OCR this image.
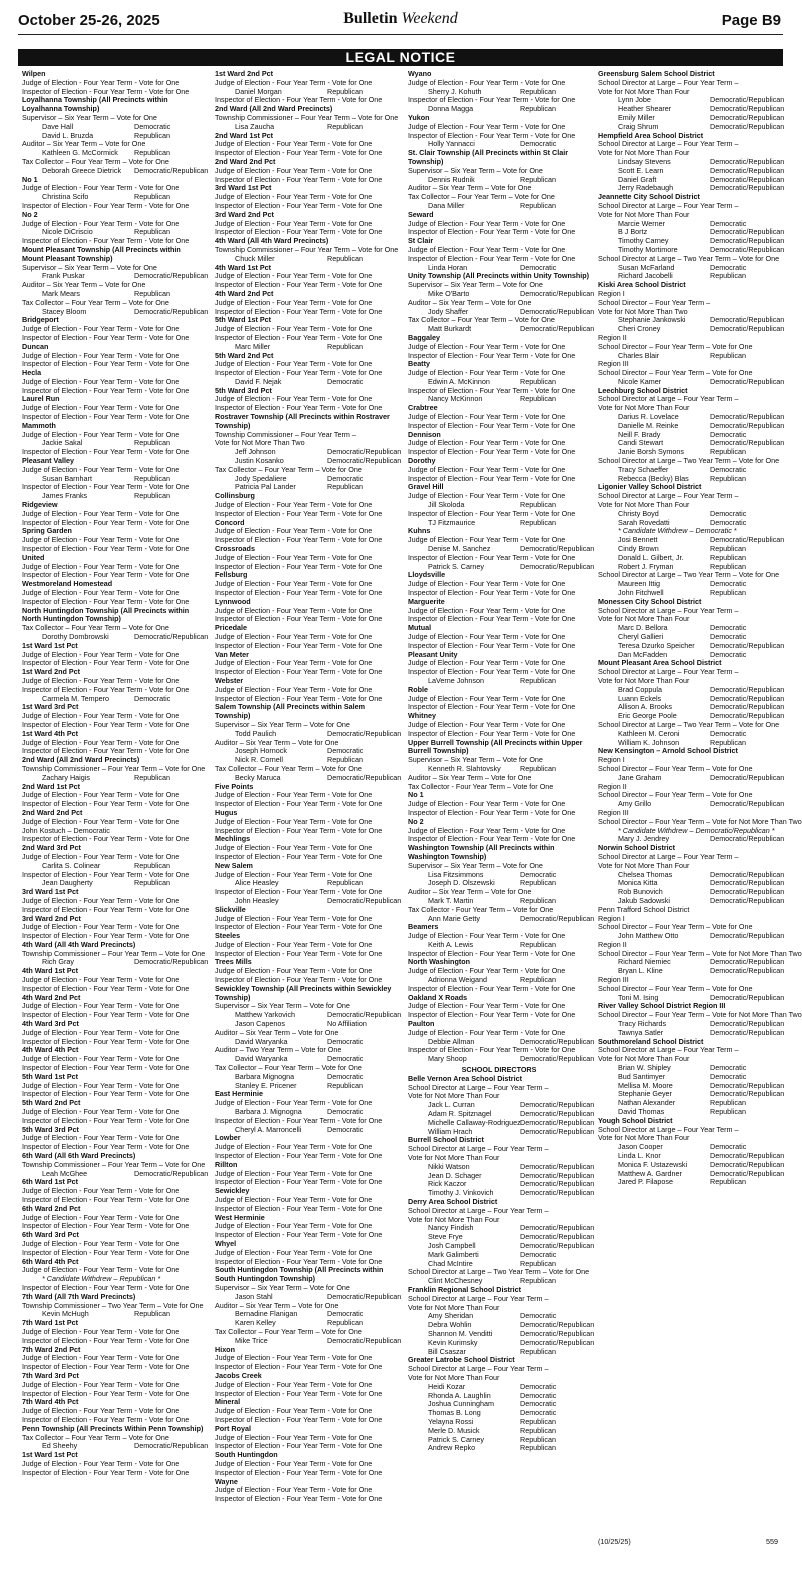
October 25-26, 2025	Bulletin Weekend	Page B9
LEGAL NOTICE
Wilpen
Judge of Election - Four Year Term - Vote for One
Inspector of Election - Four Year Term - Vote for One
Loyalhanna Township (All Precincts within Loyalhanna Township)
Supervisor – Six Year Term – Vote for One
Dave Hall	Democratic
David L. Bruzda	Republican
Auditor – Six Year Term – Vote for One
Kathleen G. McCormick Republican
Tax Collector – Four Year Term – Vote for One
Deborah Greece Dietrick Democratic/Republican
No 1
Judge of Election - Four Year Term - Vote for One
Christina Scifo	Republican
Inspector of Election - Four Year Term - Vote for One
No 2
Judge of Election - Four Year Term - Vote for One
Nicole DiCriscio	Republican
Inspector of Election - Four Year Term - Vote for One
Mount Pleasant Township (All Precincts within Mount Pleasant Township)
Supervisor – Six Year Term – Vote for One
Frank Puskar	Democratic/Republican
Auditor – Six Year Term – Vote for One
Mark Mears	Republican
Tax Collector – Four Year Term – Vote for One
Stacey Bloom	Democratic/Republican
Bridgeport
Judge of Election - Four Year Term - Vote for One
Inspector of Election - Four Year Term - Vote for One
Duncan
Judge of Election - Four Year Term - Vote for One
Inspector of Election - Four Year Term - Vote for One
Hecla
Judge of Election - Four Year Term - Vote for One
Inspector of Election - Four Year Term - Vote for One
Laurel Run
Judge of Election - Four Year Term - Vote for One
Inspector of Election - Four Year Term - Vote for One
Mammoth
Judge of Election - Four Year Term - Vote for One
Jackie Sakal	Republican
Inspector of Election - Four Year Term - Vote for One
Pleasant Valley
Judge of Election - Four Year Term - Vote for One
Susan Barnhart	Republican
Inspector of Election - Four Year Term - Vote for One
James Franks	Republican
Ridgeview
Judge of Election - Four Year Term - Vote for One
Inspector of Election - Four Year Term - Vote for One
Spring Garden
Judge of Election - Four Year Term - Vote for One
Inspector of Election - Four Year Term - Vote for One
United
Judge of Election - Four Year Term - Vote for One
Inspector of Election - Four Year Term - Vote for One
Westmoreland Homestead
Judge of Election - Four Year Term - Vote for One
Inspector of Election - Four Year Term - Vote for One
North Huntingdon Township (All Precincts within North Huntingdon Township)
Tax Collector – Four Year Term – Vote for One
Dorothy Dombrowski	Democratic/Republican
1st Ward 1st Pct
Judge of Election - Four Year Term - Vote for One
Inspector of Election - Four Year Term - Vote for One
1st Ward 2nd Pct
Judge of Election - Four Year Term - Vote for One
Inspector of Election - Four Year Term - Vote for One
Carmela M. Tempero	Democratic
1st Ward 3rd Pct
Judge of Election - Four Year Term - Vote for One
Inspector of Election - Four Year Term - Vote for One
1st Ward 4th Pct
Judge of Election - Four Year Term - Vote for One
Inspector of Election - Four Year Term - Vote for One
2nd Ward (All 2nd Ward Precincts)
Township Commissioner – Four Year Term – Vote for One
Zachary Haigis	Republican
2nd Ward 1st Pct
Judge of Election - Four Year Term - Vote for One
Inspector of Election - Four Year Term - Vote for One
2nd Ward 2nd Pct
Judge of Election - Four Year Term - Vote for One
John Kostuch – Democratic
Inspector of Election - Four Year Term - Vote for One
2nd Ward 3rd Pct
Judge of Election - Four Year Term - Vote for One
Carlita S. Colinear	Republican
Inspector of Election - Four Year Term - Vote for One
Jean Daugherty	Republican
3rd Ward 1st Pct
Judge of Election - Four Year Term - Vote for One
Inspector of Election - Four Year Term - Vote for One
3rd Ward 2nd Pct
Judge of Election - Four Year Term - Vote for One
Inspector of Election - Four Year Term - Vote for One
4th Ward (All 4th Ward Precincts)
Township Commissioner – Four Year Term – Vote for One
Rich Gray	Democratic/Republican
4th Ward 1st Pct
Judge of Election - Four Year Term - Vote for One
Inspector of Election - Four Year Term - Vote for One
4th Ward 2nd Pct
Judge of Election - Four Year Term - Vote for One
Inspector of Election - Four Year Term - Vote for One
4th Ward 3rd Pct
Judge of Election - Four Year Term - Vote for One
Inspector of Election - Four Year Term - Vote for One
4th Ward 4th Pct
Judge of Election - Four Year Term - Vote for One
Inspector of Election - Four Year Term - Vote for One
5th Ward 1st Pct
Judge of Election - Four Year Term - Vote for One
Inspector of Election - Four Year Term - Vote for One
5th Ward 2nd Pct
Judge of Election - Four Year Term - Vote for One
Inspector of Election - Four Year Term - Vote for One
5th Ward 3rd Pct
Judge of Election - Four Year Term - Vote for One
Inspector of Election - Four Year Term - Vote for One
6th Ward (All 6th Ward Precincts)
Township Commissioner – Four Year Term – Vote for One
Leah McGhee	Democratic/Republican
6th Ward 1st Pct
Judge of Election - Four Year Term - Vote for One
Inspector of Election - Four Year Term - Vote for One
6th Ward 2nd Pct
Judge of Election - Four Year Term - Vote for One
Inspector of Election - Four Year Term - Vote for One
6th Ward 3rd Pct
Judge of Election - Four Year Term - Vote for One
Inspector of Election - Four Year Term - Vote for One
6th Ward 4th Pct
Judge of Election - Four Year Term - Vote for One
* Candidate Withdrew – Republican *
Inspector of Election - Four Year Term - Vote for One
7th Ward (All 7th Ward Precincts)
Township Commissioner – Two Year Term – Vote for One
Kevin McHugh	Republican
7th Ward 1st Pct
Judge of Election - Four Year Term - Vote for One
Inspector of Election - Four Year Term - Vote for One
7th Ward 2nd Pct
Judge of Election - Four Year Term - Vote for One
Inspector of Election - Four Year Term - Vote for One
7th Ward 3rd Pct
Judge of Election - Four Year Term - Vote for One
Inspector of Election - Four Year Term - Vote for One
7th Ward 4th Pct
Judge of Election - Four Year Term - Vote for One
Inspector of Election - Four Year Term - Vote for One
Penn Township (All Precincts Within Penn Township)
Tax Collector – Four Year Term – Vote for One
Ed Sheehy	Democratic/Republican
1st Ward 1st Pct
Judge of Election - Four Year Term - Vote for One
Inspector of Election - Four Year Term - Vote for One
1st Ward 2nd Pct
Judge of Election - Four Year Term - Vote for One
Daniel Morgan	Republican
Inspector of Election - Four Year Term - Vote for One
2nd Ward (All 2nd Ward Precincts)
Township Commissioner – Four Year Term – Vote for One
Lisa Zaucha	Republican
2nd Ward 1st Pct
Judge of Election - Four Year Term - Vote for One
Inspector of Election - Four Year Term - Vote for One
2nd Ward 2nd Pct
Judge of Election - Four Year Term - Vote for One
Inspector of Election - Four Year Term - Vote for One
3rd Ward 1st Pct
Judge of Election - Four Year Term - Vote for One
Inspector of Election - Four Year Term - Vote for One
3rd Ward 2nd Pct
Judge of Election - Four Year Term - Vote for One
Inspector of Election - Four Year Term - Vote for One
4th Ward (All 4th Ward Precincts)
Township Commissioner – Four Year Term – Vote for One
Chuck Miller	Republican
4th Ward 1st Pct
Judge of Election - Four Year Term - Vote for One
Inspector of Election - Four Year Term - Vote for One
4th Ward 2nd Pct
Judge of Election - Four Year Term - Vote for One
Inspector of Election - Four Year Term - Vote for One
5th Ward 1st Pct
Judge of Election - Four Year Term - Vote for One
Inspector of Election - Four Year Term - Vote for One
Marc Miller	Republican
5th Ward 2nd Pct
Judge of Election - Four Year Term - Vote for One
Inspector of Election - Four Year Term - Vote for One
David F. Nejak	Democratic
5th Ward 3rd Pct
Judge of Election - Four Year Term - Vote for One
Inspector of Election - Four Year Term - Vote for One
Rostraver Township (All Precincts within Rostraver Township)
Township Commissioner – Four Year Term –
Vote for Not More Than Two
Jeff Johnson	Democratic/Republican
Justin Kosanko	Democratic/Republican
Tax Collector – Four Year Term – Vote for One
Jody Spedaliere	Democratic
Patricia Pal Lander	Republican
Collinsburg
Judge of Election - Four Year Term - Vote for One
Inspector of Election - Four Year Term - Vote for One
Concord
Judge of Election - Four Year Term - Vote for One
Inspector of Election - Four Year Term - Vote for One
Crossroads
Judge of Election - Four Year Term - Vote for One
Inspector of Election - Four Year Term - Vote for One
Fellsburg
Judge of Election - Four Year Term - Vote for One
Inspector of Election - Four Year Term - Vote for One
Lynnwood
Judge of Election - Four Year Term - Vote for One
Inspector of Election - Four Year Term - Vote for One
Pricedale
Judge of Election - Four Year Term - Vote for One
Inspector of Election - Four Year Term - Vote for One
Van Meter
Judge of Election - Four Year Term - Vote for One
Inspector of Election - Four Year Term - Vote for One
Webster
Judge of Election - Four Year Term - Vote for One
Inspector of Election - Four Year Term - Vote for One
Salem Township (All Precincts within Salem Township)
Supervisor – Six Year Term – Vote for One
Todd Paulich	Democratic/Republican
Auditor – Six Year Term – Vote for One
Joseph Hornock	Democratic
Nick R. Cornell	Republican
Tax Collector – Four Year Term – Vote for One
Becky Maruca	Democratic/Republican
Five Points
Judge of Election - Four Year Term - Vote for One
Inspector of Election - Four Year Term - Vote for One
Hugus
Judge of Election - Four Year Term - Vote for One
Inspector of Election - Four Year Term - Vote for One
Mechlings
Judge of Election - Four Year Term - Vote for One
Inspector of Election - Four Year Term - Vote for One
New Salem
Judge of Election - Four Year Term - Vote for One
Alice Heasley	Republican
Inspector of Election - Four Year Term - Vote for One
John Heasley	Democratic/Republican
Slickville
Judge of Election - Four Year Term - Vote for One
Inspector of Election - Four Year Term - Vote for One
Steeles
Judge of Election - Four Year Term - Vote for One
Inspector of Election - Four Year Term - Vote for One
Trees Mills
Judge of Election - Four Year Term - Vote for One
Inspector of Election - Four Year Term - Vote for One
Sewickley Township (All Precincts within Sewickley Township)
Supervisor – Six Year Term – Vote for One
Matthew Yarkovich	Democratic/Republican
Jason Capenos	No Affiliation
Auditor – Six Year Term – Vote for One
David Waryanka	Democratic
Auditor – Two Year Term – Vote for One
David Waryanka	Democratic
Tax Collector – Four Year Term – Vote for One
Barbara Mignogna	Democratic
Stanley E. Pricener	Republican
East Herminie
Judge of Election - Four Year Term - Vote for One
Barbara J. Mignogna	Democratic
Inspector of Election - Four Year Term - Vote for One
Cheryl A. Marroncelli	Democratic
Lowber
Judge of Election - Four Year Term - Vote for One
Inspector of Election - Four Year Term - Vote for One
Rillton
Judge of Election - Four Year Term - Vote for One
Inspector of Election - Four Year Term - Vote for One
Sewickley
Judge of Election - Four Year Term - Vote for One
Inspector of Election - Four Year Term - Vote for One
West Herminie
Judge of Election - Four Year Term - Vote for One
Inspector of Election - Four Year Term - Vote for One
Whyel
Judge of Election - Four Year Term - Vote for One
Inspector of Election - Four Year Term - Vote for One
South Huntingdon Township (All Precincts within South Huntingdon Township)
Supervisor – Six Year Term – Vote for One
Jason Stahl	Democratic/Republican
Auditor – Six Year Term – Vote for One
Bernadine Flanigan	Democratic
Karen Kelley	Republican
Tax Collector – Four Year Term – Vote for One
Mike Trice	Democratic/Republican
Hixon
Judge of Election - Four Year Term - Vote for One
Inspector of Election - Four Year Term - Vote for One
Jacobs Creek
Judge of Election - Four Year Term - Vote for One
Inspector of Election - Four Year Term - Vote for One
Mineral
Judge of Election - Four Year Term - Vote for One
Inspector of Election - Four Year Term - Vote for One
Port Royal
Judge of Election - Four Year Term - Vote for One
Inspector of Election - Four Year Term - Vote for One
South Huntingdon
Judge of Election - Four Year Term - Vote for One
Inspector of Election - Four Year Term - Vote for One
Wayne
Judge of Election - Four Year Term - Vote for One
Inspector of Election - Four Year Term - Vote for One
Wyano
Judge of Election - Four Year Term - Vote for One
Sherry J. Kohuth	Republican
Inspector of Election - Four Year Term - Vote for One
Donna Magga	Republican
Yukon
Judge of Election - Four Year Term - Vote for One
Inspector of Election - Four Year Term - Vote for One
Holly Yannacci	Democratic
St. Clair Township (All Precincts within St Clair Township)
Supervisor – Six Year Term – Vote for One
Dennis Rudnik	Republican
Auditor – Six Year Term – Vote for One
Tax Collector – Four Year Term – Vote for One
Dana Miller	Republican
Seward
Judge of Election - Four Year Term - Vote for One
Inspector of Election - Four Year Term - Vote for One
St Clair
Judge of Election - Four Year Term - Vote for One
Inspector of Election - Four Year Term - Vote for One
Linda Horan	Democratic
Unity Township (All Precincts within Unity Township)
Supervisor – Six Year Term – Vote for One
Mike O'Barto	Democratic/Republican
Auditor – Six Year Term – Vote for One
Jody Shaffer	Democratic/Republican
Tax Collector – Four Year Term – Vote for One
Matt Burkardt	Democratic/Republican
Baggaley
Judge of Election - Four Year Term - Vote for One
Inspector of Election - Four Year Term - Vote for One
Beatty
Judge of Election - Four Year Term - Vote for One
Edwin A. McKinnon	Republican
Inspector of Election - Four Year Term - Vote for One
Nancy McKinnon	Republican
Crabtree
Judge of Election - Four Year Term - Vote for One
Inspector of Election - Four Year Term - Vote for One
Dennison
Judge of Election - Four Year Term - Vote for One
Inspector of Election - Four Year Term - Vote for One
Dorothy
Judge of Election - Four Year Term - Vote for One
Inspector of Election - Four Year Term - Vote for One
Gravel Hill
Judge of Election - Four Year Term - Vote for One
Jill Skoloda	Republican
Inspector of Election - Four Year Term - Vote for One
TJ Fitzmaurice	Republican
Kuhns
Judge of Election - Four Year Term - Vote for One
Denise M. Sanchez	Democratic/Republican
Inspector of Election - Four Year Term - Vote for One
Patrick S. Carney	Democratic/Republican
Lloydsville
Judge of Election - Four Year Term - Vote for One
Inspector of Election - Four Year Term - Vote for One
Marguerite
Judge of Election - Four Year Term - Vote for One
Inspector of Election - Four Year Term - Vote for One
Mutual
Judge of Election - Four Year Term - Vote for One
Inspector of Election - Four Year Term - Vote for One
Pleasant Unity
Judge of Election - Four Year Term - Vote for One
Inspector of Election - Four Year Term - Vote for One
LaVerne Johnson	Republican
Roble
Judge of Election - Four Year Term - Vote for One
Inspector of Election - Four Year Term - Vote for One
Whitney
Judge of Election - Four Year Term - Vote for One
Inspector of Election - Four Year Term - Vote for One
Upper Burrell Township (All Precincts within Upper Burrell Township)
Supervisor – Six Year Term – Vote for One
Kenneth R. Slahtovsky	Republican
Auditor – Six Year Term – Vote for One
Tax Collector - Four Year Term – Vote for One
No 1
Judge of Election - Four Year Term - Vote for One
Inspector of Election - Four Year Term - Vote for One
No 2
Judge of Election - Four Year Term - Vote for One
Inspector of Election - Four Year Term - Vote for One
Washington Township (All Precincts within Washington Township)
Supervisor – Six Year Term – Vote for One
Lisa Fitzsimmons	Democratic
Joseph D. Olszewski	Republican
Auditor – Six Year Term – Vote for One
Mark T. Martin	Republican
Tax Collector - Four Year Term – Vote for One
Ann Marie Getty	Democratic/Republican
Beamers
Judge of Election - Four Year Term - Vote for One
Keith A. Lewis	Republican
Inspector of Election - Four Year Term - Vote for One
North Washington
Judge of Election - Four Year Term - Vote for One
Adrionna Weigand	Republican
Inspector of Election - Four Year Term - Vote for One
Oakland X Roads
Judge of Election - Four Year Term - Vote for One
Inspector of Election - Four Year Term - Vote for One
Paulton
Judge of Election - Four Year Term - Vote for One
Debbie Allman	Democratic/Republican
Inspector of Election - Four Year Term - Vote for One
Mary Shoop	Democratic/Republican
SCHOOL DIRECTORS
Belle Vernon Area School District
School Director at Large – Four Year Term –
Vote for Not More Than Four
Jack L. Curran	Democratic/Republican
Adam R. Spitznagel	Democratic/Republican
Michelle Callaway-RodriguezDemocratic/Republican
William Hrach	Democratic/Republican
Burrell School District
School Director at Large – Four Year Term –
Vote for Not More Than Four
Nikki Watson	Democratic/Republican
Jean D. Schager	Democratic/Republican
Rick Kaczor	Democratic/Republican
Timothy J. Vinkovich	Democratic/Republican
Derry Area School District
School Director at Large – Four Year Term –
Vote for Not More Than Four
Nancy Findish	Democratic/Republican
Steve Frye	Democratic/Republican
Josh Campbell	Democratic/Republican
Mark Galimberti	Democratic
Chad McIntire	Republican
School Director at Large – Two Year Term – Vote for One
Clint McChesney	Republican
Franklin Regional School District
School Director at Large – Four Year Term –
Vote for Not More Than Four
Amy Sheridan	Democratic
Debra Wohlin	Democratic/Republican
Shannon M. Venditti	Democratic/Republican
Kevin Kurimsky	Democratic/Republican
Bill Csaszar	Republican
Greater Latrobe School District
School Director at Large – Four Year Term –
Vote for Not More Than Four
Heidi Kozar	Democratic
Rhonda A. Laughlin	Democratic
Joshua Cunningham	Democratic
Thomas B. Long	Democratic
Yelayna Rossi	Republican
Merle D. Musick	Republican
Patrick S. Carney	Republican
Andrew Repko	Republican
Greensburg Salem School District
School Director at Large – Four Year Term –
Vote for Not More Than Four
Lynn Jobe	Democratic/Republican
Heather Shearer	Democratic/Republican
Emily Miller	Democratic/Republican
Craig Shrum	Democratic/Republican
Hempfield Area School District
School Director at Large – Four Year Term –
Vote for Not More Than Four
Lindsay Stevens	Democratic/Republican
Scott E. Learn	Democratic/Republican
Daniel Graft	Democratic/Republican
Jerry Radebaugh	Democratic/Republican
Jeannette City School District
School Director at Large – Four Year Term –
Vote for Not More Than Four
Marcie Werner	Democratic
B J Bortz	Democratic/Republican
Timothy Carney	Democratic/Republican
Timothy Mortimore	Democratic/Republican
School Director at Large – Two Year Term – Vote for One
Susan McFarland	Democratic
Richard Jacobelli	Republican
Kiski Area School District
Region I
School Director – Four Year Term –
Vote for Not More Than Two
Stephanie Jankowski	Democratic/Republican
Cheri Croney	Democratic/Republican
Region II
School Director – Four Year Term – Vote for One
Charles Blair	Republican
Region III
School Director – Four Year Term – Vote for One
Nicole Kamer	Democratic/Republican
Leechburg School District
School Director at Large – Four Year Term –
Vote for Not More Than Four
Darius R. Lovelace	Democratic/Republican
Danielle M. Reinke	Democratic/Republican
Neill F. Brady	Democratic
Candi Stewart	Democratic/Republican
Janie Borsh Symons	Republican
School Director at Large – Two Year Term – Vote for One
Tracy Schaeffer	Democratic
Rebecca (Becky) Blas	Republican
Ligonier Valley School District
School Director at Large – Four Year Term –
Vote for Not More Than Four
Christy Boyd	Democratic
Sarah Rovedatti	Democratic
* Candidate Withdrew – Democratic *
Josi Bennett	Democratic/Republican
Cindy Brown	Republican
Donald L. Gilbert, Jr.	Republican
Robert J. Fryman	Republican
School Director at Large – Two Year Term – Vote for One
Maureen Ittig	Democratic
John Fitchwell	Republican
Monessen City School District
School Director at Large – Four Year Term –
Vote for Not More Than Four
Marc D. Bellora	Democratic
Cheryl Gallieri	Democratic
Teresa Dzurko Speicher Democratic/Republican
Dan McFadden	Democratic
Mount Pleasant Area School District
School Director at Large – Four Year Term –
Vote for Not More Than Four
Brad Coppula	Democratic/Republican
Luann Eckels	Democratic/Republican
Allison A. Brooks	Democratic/Republican
Eric George Poole	Democratic/Republican
School Director at Large – Two Year Term – Vote for One
Kathleen M. Ceroni	Democratic
William K. Johnson	Republican
New Kensington – Arnold School District
Region I
School Director – Four Year Term – Vote for One
Jane Graham	Democratic/Republican
Region II
School Director – Four Year Term – Vote for One
Amy Grillo	Democratic/Republican
Region III
School Director – Four Year Term – Vote for Not More Than Two
* Candidate Withdrew – Democratic/Republican *
Mary J. Jendrey	Democratic/Republican
Norwin School District
School Director at Large – Four Year Term –
Vote for Not More Than Four
Chelsea Thomas	Democratic/Republican
Monica Kitta	Democratic/Republican
Rob Bunovich	Democratic/Republican
Jakub Sadowski	Democratic/Republican
Penn Trafford School District
Region I
School Director – Four Year Term – Vote for One
John Matthew Otto	Democratic/Republican
Region II
School Director – Four Year Term – Vote for Not More Than Two
Richard Niemiec	Democratic/Republican
Bryan L. Kline	Democratic/Republican
Region III
School Director – Four Year Term – Vote for One
Toni M. Ising	Democratic/Republican
River Valley School District Region III
School Director – Four Year Term – Vote for Not More Than Two
Tracy Richards	Democratic/Republican
Tawnya Satler	Democratic/Republican
Southmoreland School District
School Director at Large – Four Year Term –
Vote for Not More Than Four
Brian W. Shipley	Democratic
Bud Santimyer	Democratic
Mellisa M. Moore	Democratic/Republican
Stephanie Geyer	Democratic/Republican
Nathan Alexander	Republican
David Thomas	Republican
Yough School District
School Director at Large – Four Year Term –
Vote for Not More Than Four
Jason Cooper	Democratic
Linda L. Knor	Democratic/Republican
Monica F. Ustazewski	Democratic/Republican
Matthew A. Gardner	Democratic/Republican
Jared P. Filapose	Republican
(10/25/25)	559
